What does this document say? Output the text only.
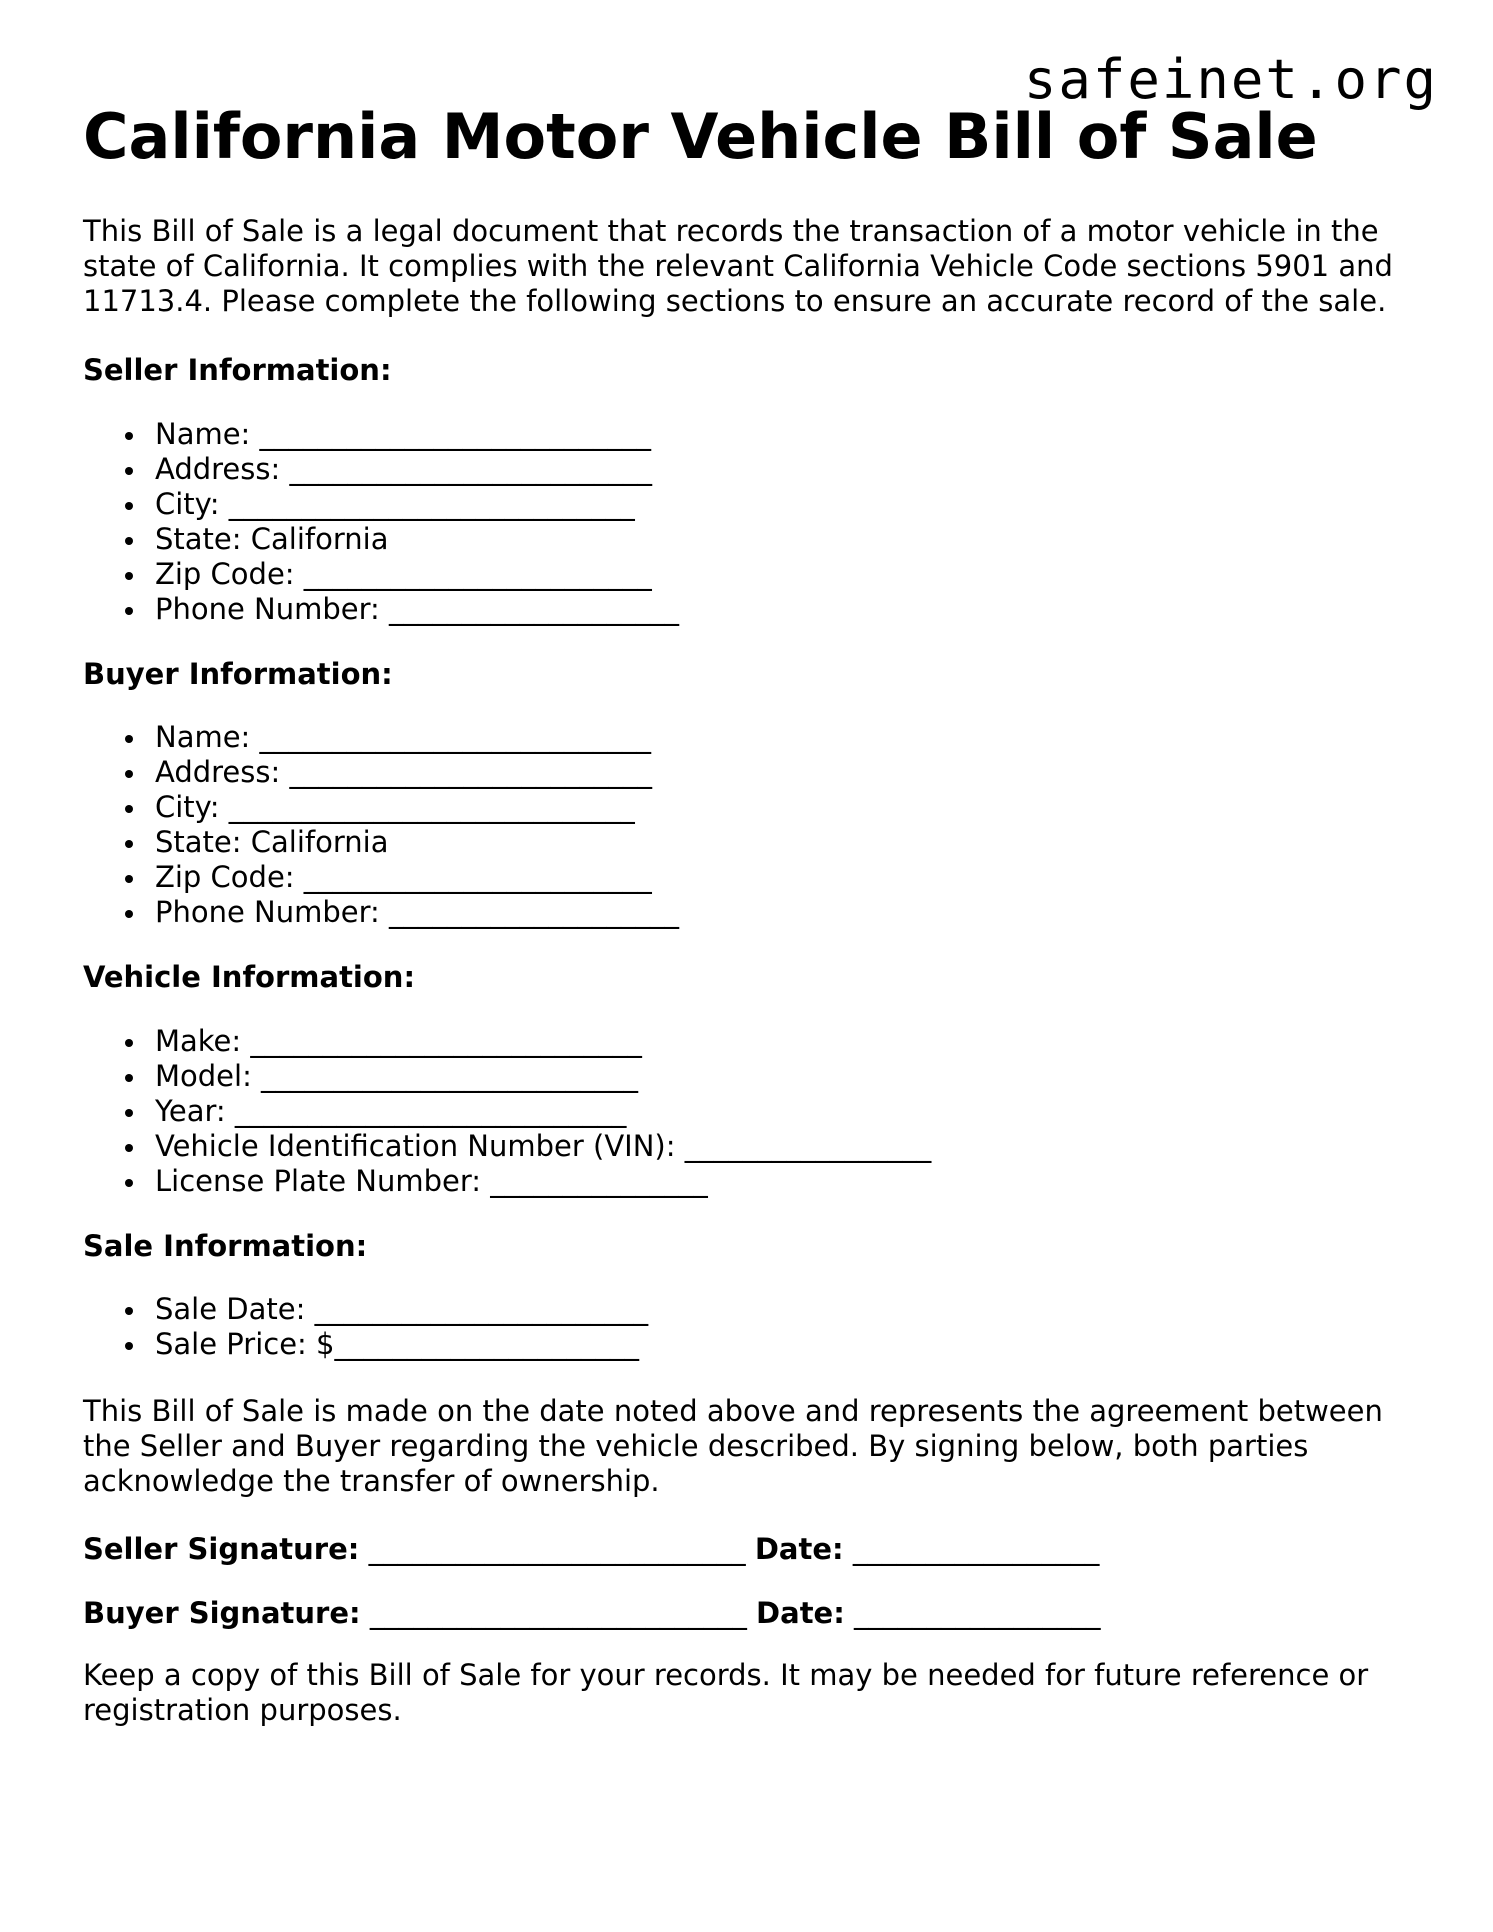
safeinet.org
California Motor Vehicle Bill of Sale

This Bill of Sale is a legal document that records the transaction of a motor vehicle in the state of California. It complies with the relevant California Vehicle Code sections 5901 and 11713.4. Please complete the following sections to ensure an accurate record of the sale.

Seller Information:
Name: ___________________________
Address: _________________________
City: ____________________________
State: California
Zip Code: ________________________
Phone Number: ____________________
Buyer Information:
Name: ___________________________
Address: _________________________
City: ____________________________
State: California
Zip Code: ________________________
Phone Number: ____________________
Vehicle Information:
Make: ___________________________
Model: __________________________
Year: ___________________________
Vehicle Identification Number (VIN): _________________
License Plate Number: _______________
Sale Information:
Sale Date: _______________________
Sale Price: $_____________________

This Bill of Sale is made on the date noted above and represents the agreement between the Seller and Buyer regarding the vehicle described. By signing below, both parties acknowledge the transfer of ownership.

Seller Signature: __________________________ Date: _________________
Buyer Signature: __________________________ Date: _________________

Keep a copy of this Bill of Sale for your records. It may be needed for future reference or registration purposes.
